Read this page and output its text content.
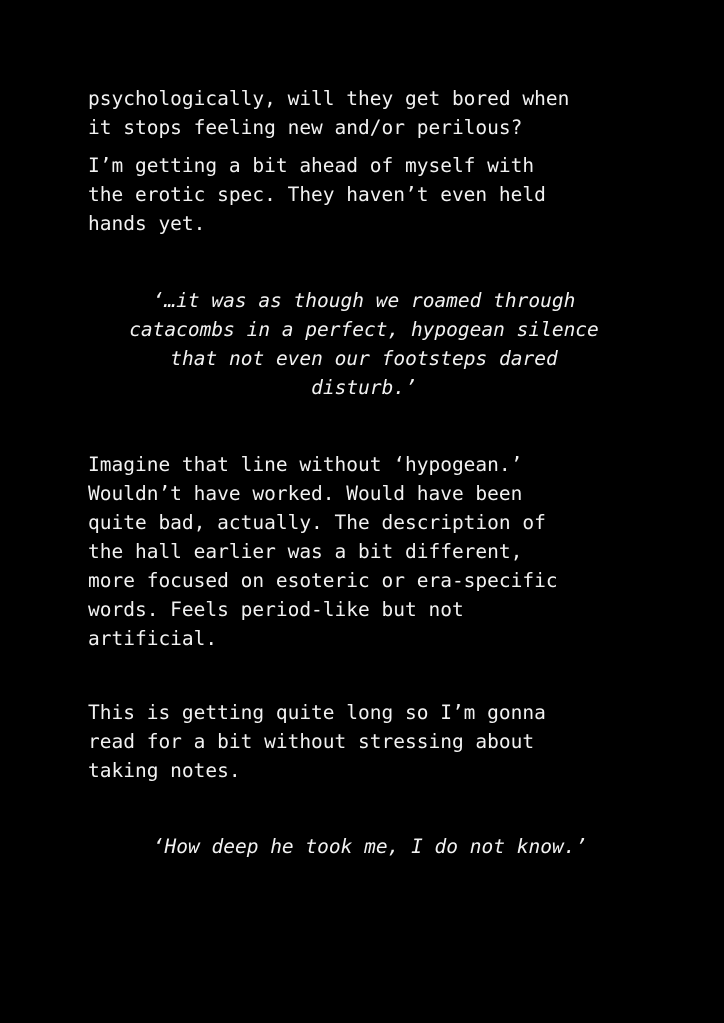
psychologically, will they get bored when
it stops feeling new and/or perilous?

I’m getting a bit ahead of myself with
the erotic spec. They haven’t even held
hands yet.

‘…it was as though we roamed through
catacombs in a perfect, hypogean silence
that not even our footsteps dared
disturb.’

Imagine that line without ‘hypogean.’
Wouldn’t have worked. Would have been
quite bad, actually. The description of
the hall earlier was a bit different,
more focused on esoteric or era-specific
words. Feels period-like but not
artificial.

This is getting quite long so I’m gonna
read for a bit without stressing about
taking notes.

‘How deep he took me, I do not know.’
